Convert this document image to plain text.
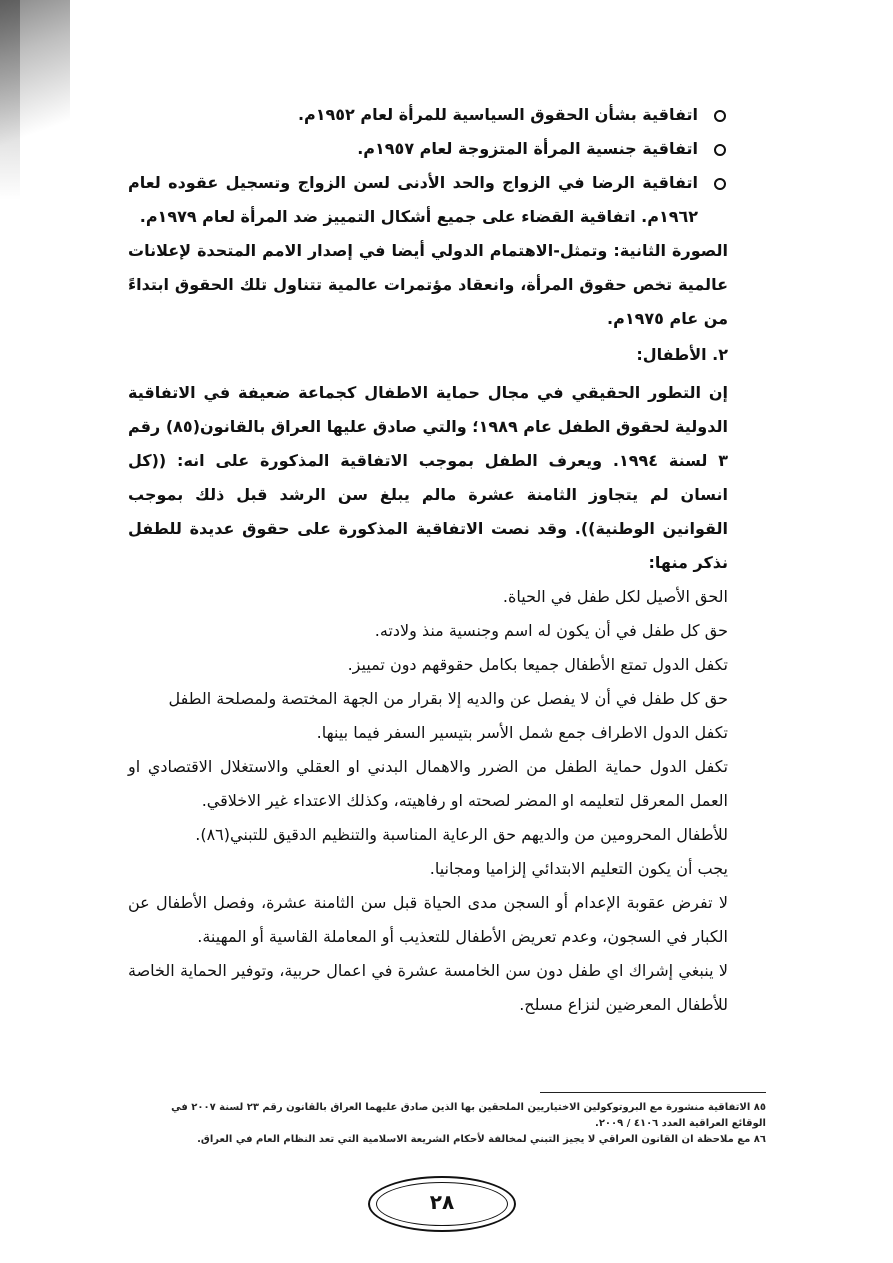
اتفاقية بشأن الحقوق السياسية للمرأة لعام ١٩٥٢م.
اتفاقية جنسية المرأة المتزوجة لعام ١٩٥٧م.
اتفاقية الرضا في الزواج والحد الأدنى لسن الزواج وتسجيل عقوده لعام ١٩٦٢م. اتفاقية القضاء على جميع أشكال التمييز ضد المرأة لعام ١٩٧٩م.

الصورة الثانية: وتمثل-الاهتمام الدولي أيضا في إصدار الامم المتحدة لإعلانات عالمية تخص حقوق المرأة، وانعقاد مؤتمرات عالمية تتناول تلك الحقوق ابتداءً من عام ١٩٧٥م.

٢. الأطفال:

إن التطور الحقيقي في مجال حماية الاطفال كجماعة ضعيفة في الاتفاقية الدولية لحقوق الطفل عام ١٩٨٩؛ والتي صادق عليها العراق بالقانون(٨٥) رقم ٣ لسنة ١٩٩٤. ويعرف الطفل بموجب الاتفاقية المذكورة على انه: ((كل انسان لم يتجاوز الثامنة عشرة مالم يبلغ سن الرشد قبل ذلك بموجب القوانين الوطنية)). وقد نصت الاتفاقية المذكورة على حقوق عديدة للطفل نذكر منها:

الحق الأصيل لكل طفل في الحياة.

حق كل طفل في أن يكون له اسم وجنسية منذ ولادته.

تكفل الدول تمتع الأطفال جميعا بكامل حقوقهم دون تمييز.

حق كل طفل في أن لا يفصل عن والديه إلا بقرار من الجهة المختصة ولمصلحة الطفل

تكفل الدول الاطراف جمع شمل الأسر بتيسير السفر فيما بينها.

تكفل الدول حماية الطفل من الضرر والاهمال البدني او العقلي والاستغلال الاقتصادي او العمل المعرقل لتعليمه او المضر لصحته او رفاهيته، وكذلك الاعتداء غير الاخلاقي.

للأطفال المحرومين من والديهم حق الرعاية المناسبة والتنظيم الدقيق للتبني(٨٦).

يجب أن يكون التعليم الابتدائي إلزاميا ومجانيا.

لا تفرض عقوبة الإعدام أو السجن مدى الحياة قبل سن الثامنة عشرة، وفصل الأطفال عن الكبار في السجون، وعدم تعريض الأطفال للتعذيب أو المعاملة القاسية أو المهينة.

لا ينبغي إشراك اي طفل دون سن الخامسة عشرة في اعمال حربية، وتوفير الحماية الخاصة للأطفال المعرضين لنزاع مسلح.

٨٥ الاتفاقية منشورة مع البروتوكولين الاختياريين الملحقين بها الذين صادق عليهما العراق بالقانون رقم ٢٣ لسنة ٢٠٠٧ في الوقائع العراقية العدد ٤١٠٦ / ٢٠٠٩.

٨٦ مع ملاحظة ان القانون العراقي لا يجيز التبني لمخالفة لأحكام الشريعة الاسلامية التي تعد النظام العام في العراق.

٢٨
